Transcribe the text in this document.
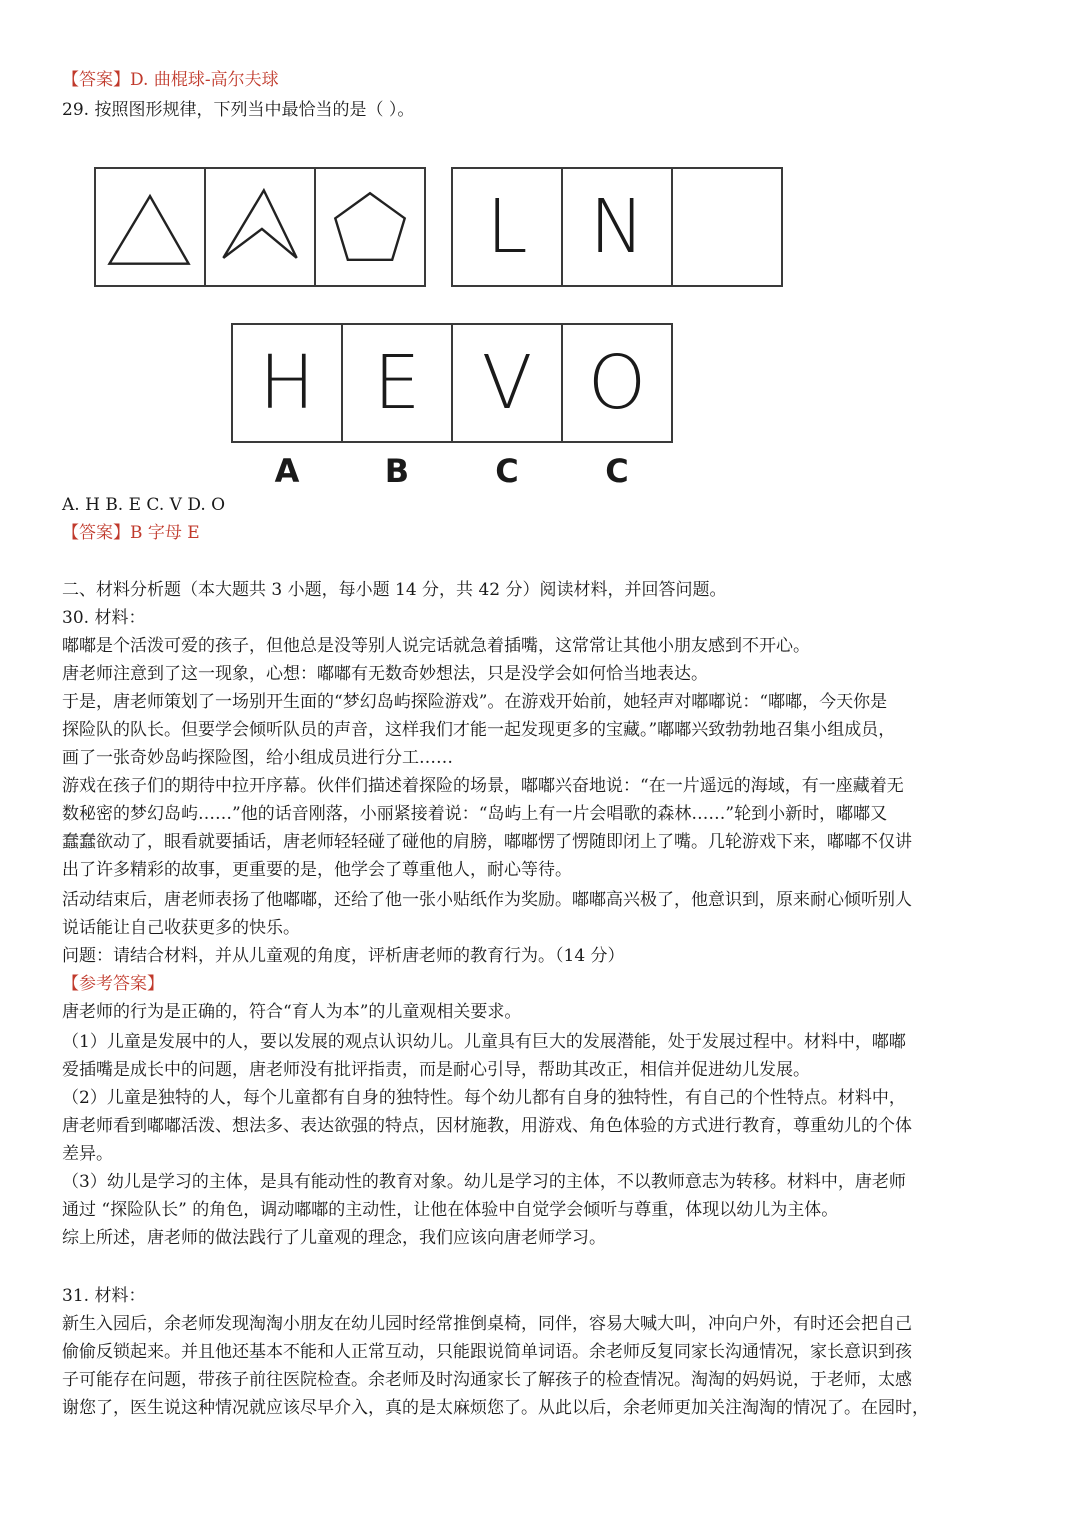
【答案】D. 曲棍球-高尔夫球
29. 按照图形规律，下列当中最恰当的是（ ）。
L N
H E V O
A	B	C	C
A. H B. E C. V D. O
【答案】B 字母 E
二、材料分析题（本大题共 3 小题，每小题 14 分，共 42 分）阅读材料，并回答问题。
30. 材料：
嘟嘟是个活泼可爱的孩子，但他总是没等别人说完话就急着插嘴，这常常让其他小朋友感到不开心。
唐老师注意到了这一现象，心想：嘟嘟有无数奇妙想法，只是没学会如何恰当地表达。
于是，唐老师策划了一场别开生面的“梦幻岛屿探险游戏”。在游戏开始前，她轻声对嘟嘟说：“嘟嘟，今天你是
探险队的队长。但要学会倾听队员的声音，这样我们才能一起发现更多的宝藏。”嘟嘟兴致勃勃地召集小组成员，
画了一张奇妙岛屿探险图，给小组成员进行分工……
游戏在孩子们的期待中拉开序幕。伙伴们描述着探险的场景，嘟嘟兴奋地说：“在一片遥远的海域，有一座藏着无
数秘密的梦幻岛屿……”他的话音刚落，小丽紧接着说：“岛屿上有一片会唱歌的森林……”轮到小新时，嘟嘟又
蠢蠢欲动了，眼看就要插话，唐老师轻轻碰了碰他的肩膀，嘟嘟愣了愣随即闭上了嘴。几轮游戏下来，嘟嘟不仅讲
出了许多精彩的故事，更重要的是，他学会了尊重他人，耐心等待。
活动结束后，唐老师表扬了他嘟嘟，还给了他一张小贴纸作为奖励。嘟嘟高兴极了，他意识到，原来耐心倾听别人
说话能让自己收获更多的快乐。
问题：请结合材料，并从儿童观的角度，评析唐老师的教育行为。（14 分）
【参考答案】
唐老师的行为是正确的，符合“育人为本”的儿童观相关要求。
（1）儿童是发展中的人，要以发展的观点认识幼儿。儿童具有巨大的发展潜能，处于发展过程中。材料中，嘟嘟
爱插嘴是成长中的问题，唐老师没有批评指责，而是耐心引导，帮助其改正，相信并促进幼儿发展。
（2）儿童是独特的人，每个儿童都有自身的独特性。每个幼儿都有自身的独特性，有自己的个性特点。材料中，
唐老师看到嘟嘟活泼、想法多、表达欲强的特点，因材施教，用游戏、角色体验的方式进行教育，尊重幼儿的个体
差异。
（3）幼儿是学习的主体，是具有能动性的教育对象。幼儿是学习的主体，不以教师意志为转移。材料中，唐老师
通过 “探险队长” 的角色，调动嘟嘟的主动性，让他在体验中自觉学会倾听与尊重，体现以幼儿为主体。
综上所述，唐老师的做法践行了儿童观的理念，我们应该向唐老师学习。
31. 材料：
新生入园后，余老师发现淘淘小朋友在幼儿园时经常推倒桌椅，同伴，容易大喊大叫，冲向户外，有时还会把自己
偷偷反锁起来。并且他还基本不能和人正常互动，只能跟说简单词语。余老师反复同家长沟通情况，家长意识到孩
子可能存在问题，带孩子前往医院检查。余老师及时沟通家长了解孩子的检查情况。淘淘的妈妈说，于老师，太感
谢您了，医生说这种情况就应该尽早介入，真的是太麻烦您了。从此以后，余老师更加关注淘淘的情况了。在园时，
